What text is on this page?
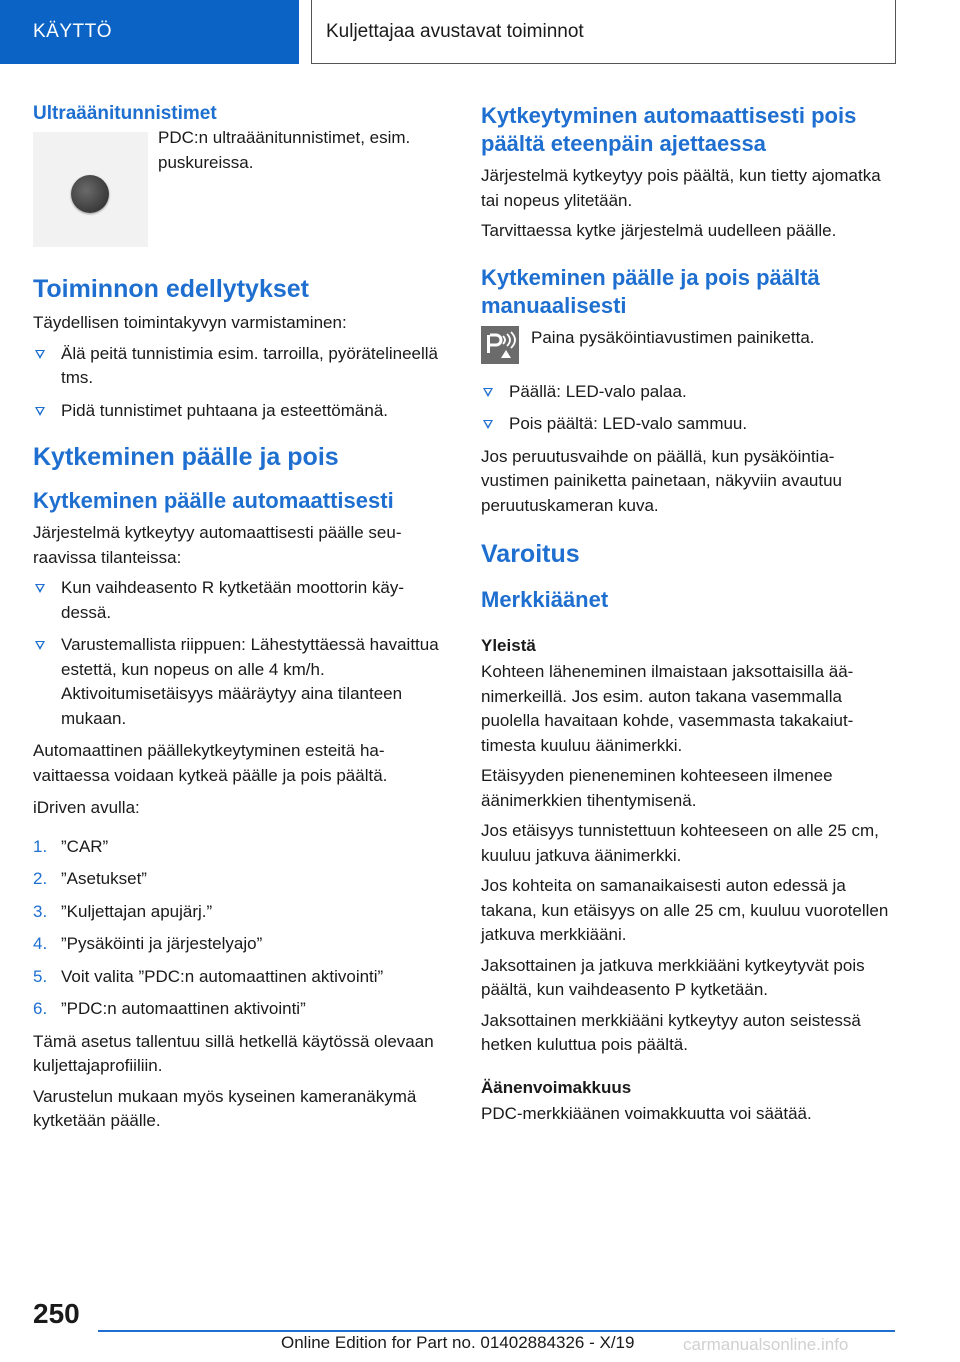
KÄYTTÖ	Kuljettajaa avustavat toiminnot
Ultraäänitunnistimet

PDC:n ultraäänitunnistimet, esim. puskureissa.

Toiminnon edellytykset

Täydellisen toimintakyvyn varmistaminen:

Älä peitä tunnistimia esim. tarroilla, pyörätelineellä tms.
Pidä tunnistimet puhtaana ja esteettömänä.
Kytkeminen päälle ja pois
Kytkeminen päälle automaattisesti

Järjestelmä kytkeytyy automaattisesti päälle seuraavissa tilanteissa:

Kun vaihdeasento R kytketään moottorin käydessä.
Varustemallista riippuen: Lähestyttäessä havaittua estettä, kun nopeus on alle 4 km/h. Aktivoitumisetäisyys määräytyy aina tilanteen mukaan.

Automaattinen päällekytkeytyminen esteitä havaittaessa voidaan kytkeä päälle ja pois päältä.

iDriven avulla:

1. ”CAR”
2. ”Asetukset”
3. ”Kuljettajan apujärj.”
4. ”Pysäköinti ja järjestelyajo”
5. Voit valita ”PDC:n automaattinen aktivointi”
6. ”PDC:n automaattinen aktivointi”

Tämä asetus tallentuu sillä hetkellä käytössä olevaan kuljettajaprofiiliin.

Varustelun mukaan myös kyseinen kameranäkymä kytketään päälle.

Kytkeytyminen automaattisesti pois päältä eteenpäin ajettaessa

Järjestelmä kytkeytyy pois päältä, kun tietty ajomatka tai nopeus ylitetään.

Tarvittaessa kytke järjestelmä uudelleen päälle.

Kytkeminen päälle ja pois päältä manuaalisesti

Paina pysäköintiavustimen painiketta.

Päällä: LED-valo palaa.
Pois päältä: LED-valo sammuu.

Jos peruutusvaihde on päällä, kun pysäköintiavustimen painiketta painetaan, näkyviin avautuu peruutuskameran kuva.

Varoitus
Merkkiäänet
Yleistä

Kohteen läheneminen ilmaistaan jaksottaisilla äänimerkeillä. Jos esim. auton takana vasemmalla puolella havaitaan kohde, vasemmasta takakaiuttimesta kuuluu äänimerkki.

Etäisyyden pieneneminen kohteeseen ilmenee äänimerkkien tihentymisenä.

Jos etäisyys tunnistettuun kohteeseen on alle 25 cm, kuuluu jatkuva äänimerkki.

Jos kohteita on samanaikaisesti auton edessä ja takana, kun etäisyys on alle 25 cm, kuuluu vuorotellen jatkuva merkkiääni.

Jaksottainen ja jatkuva merkkiääni kytkeytyvät pois päältä, kun vaihdeasento P kytketään.

Jaksottainen merkkiääni kytkeytyy auton seistessä hetken kuluttua pois päältä.

Äänenvoimakkuus

PDC-merkkiäänen voimakkuutta voi säätää.

250
Online Edition for Part no. 01402884326 - X/19	carmanualsonline.info
